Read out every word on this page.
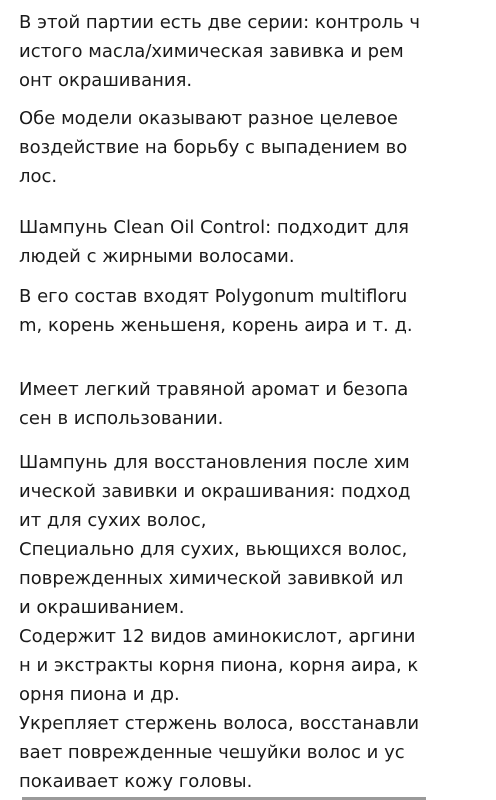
В этой партии есть две серии: контроль ч
истого масла/химическая завивка и рем
онт окрашивания.

Обе модели оказывают разное целевое
воздействие на борьбу с выпадением во
лос.

Шампунь Clean Oil Control: подходит для
людей с жирными волосами.

В его состав входят Polygonum multifloru
m, корень женьшеня, корень аира и т. д.

Имеет легкий травяной аромат и безопа
сен в использовании.

Шампунь для восстановления после хим
ической завивки и окрашивания: подход
ит для сухих волос,
Специально для сухих, вьющихся волос,
поврежденных химической завивкой ил
и окрашиванием.
Содержит 12 видов аминокислот, аргини
н и экстракты корня пиона, корня аира, к
орня пиона и др.
Укрепляет стержень волоса, восстанавли
вает поврежденные чешуйки волос и ус
покаивает кожу головы.
